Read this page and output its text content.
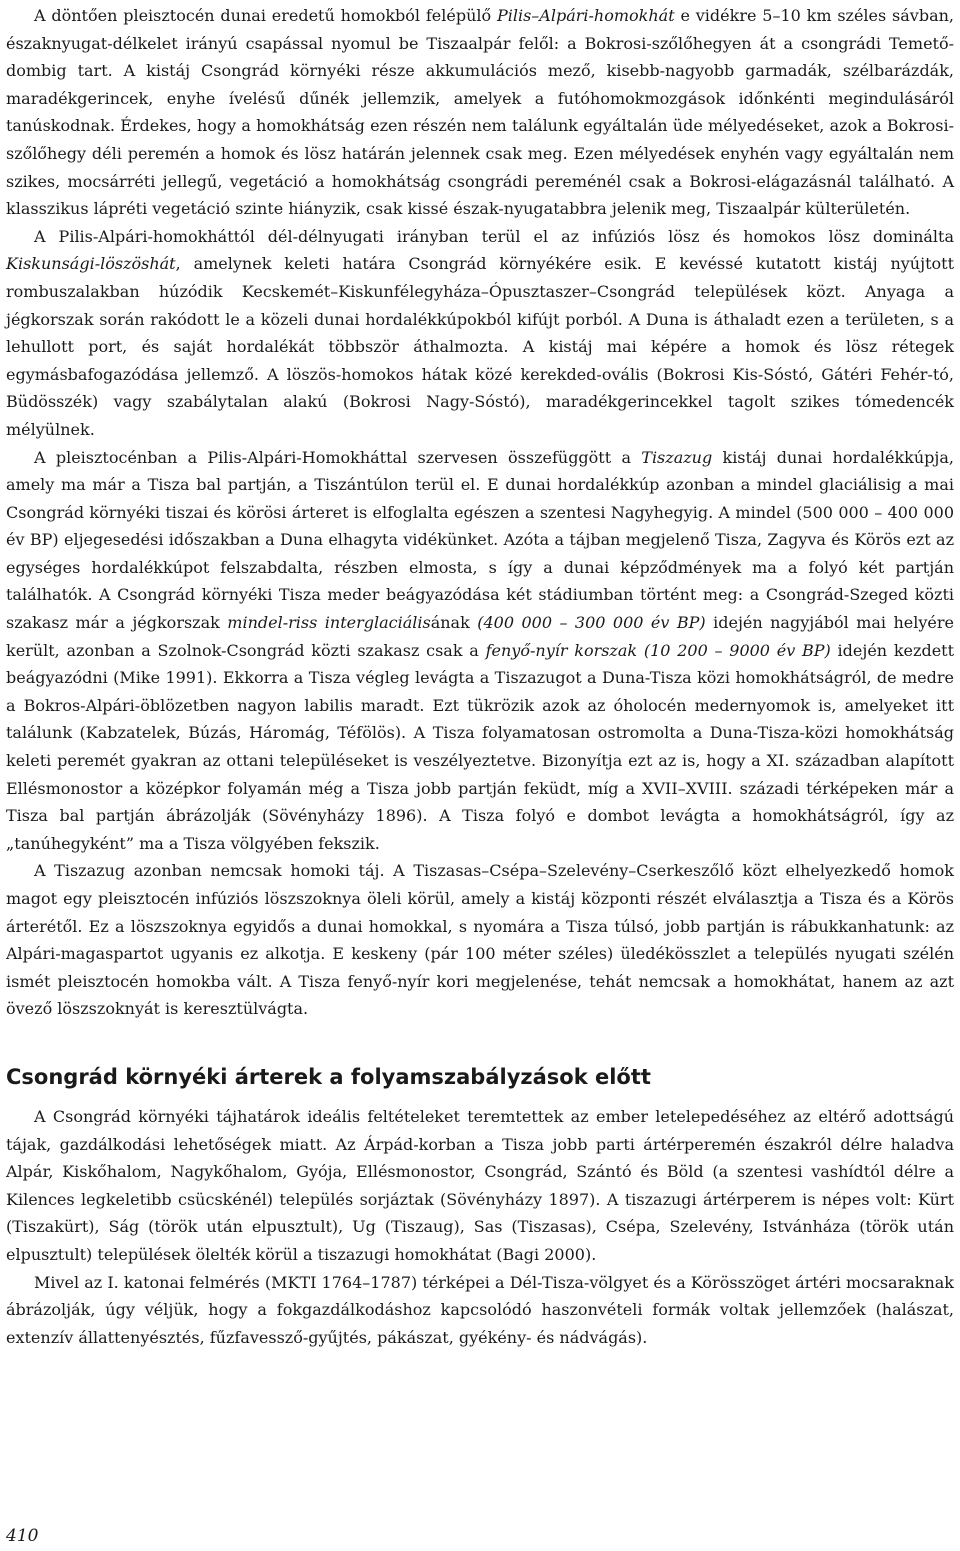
A döntően pleisztocén dunai eredetű homokból felépülő Pilis–Alpári-homokhát e vidékre 5–10 km széles sávban, északnyugat-délkelet irányú csapással nyomul be Tiszaalpár felől: a Bokrosi-szőlőhegyen át a csongrádi Temető-dombig tart. A kistáj Csongrád környéki része akkumulációs mező, kisebb-nagyobb garmadák, szélbarázdák, maradékgerincek, enyhe ívelésű dűnék jellemzik, amelyek a futóhomokmozgások időnkénti megindulásáról tanúskodnak. Érdekes, hogy a homokhátság ezen részén nem találunk egyáltalán üde mélyedéseket, azok a Bokrosi-szőlőhegy déli peremén a homok és lösz határán jelennek csak meg. Ezen mélyedések enyhén vagy egyáltalán nem szikes, mocsárréti jellegű, vegetáció a homokhátság csongrádi pereménél csak a Bokrosi-elágazásnál található. A klasszikus lápréti vegetáció szinte hiányzik, csak kissé észak-nyugatabbra jelenik meg, Tiszaalpár külterületén.

A Pilis-Alpári-homokháttól dél-délnyugati irányban terül el az infúziós lösz és homokos lösz dominálta Kiskunsági-löszöshát, amelynek keleti határa Csongrád környékére esik. E kevéssé kutatott kistáj nyújtott rombuszalakban húzódik Kecskemét–Kiskunfélegyháza–Ópusztaszer–Csongrád települések közt. Anyaga a jégkorszak során rakódott le a közeli dunai hordalékkúpokból kifújt porból. A Duna is áthaladt ezen a területen, s a lehullott port, és saját hordalékát többször áthalmozta. A kistáj mai képére a homok és lösz rétegek egymásbafogazódása jellemző. A löszös-homokos hátak közé kerekded-ovális (Bokrosi Kis-Sóstó, Gátéri Fehér-tó, Büdösszék) vagy szabálytalan alakú (Bokrosi Nagy-Sóstó), maradékgerincekkel tagolt szikes tómedencék mélyülnek.

A pleisztocénban a Pilis-Alpári-Homokháttal szervesen összefüggött a Tiszazug kistáj dunai hordalékkúpja, amely ma már a Tisza bal partján, a Tiszántúlon terül el. E dunai hordalékkúp azonban a mindel glaciálisig a mai Csongrád környéki tiszai és körösi árteret is elfoglalta egészen a szentesi Nagyhegyig. A mindel (500 000 – 400 000 év BP) eljegesedési időszakban a Duna elhagyta vidékünket. Azóta a tájban megjelenő Tisza, Zagyva és Körös ezt az egységes hordalékkúpot felszabdalta, részben elmosta, s így a dunai képződmények ma a folyó két partján találhatók. A Csongrád környéki Tisza meder beágyazódása két stádiumban történt meg: a Csongrád-Szeged közti szakasz már a jégkorszak mindel-riss interglaciálisának (400 000 – 300 000 év BP) idején nagyjából mai helyére került, azonban a Szolnok-Csongrád közti szakasz csak a fenyő-nyír korszak (10 200 – 9000 év BP) idején kezdett beágyazódni (Mike 1991). Ekkorra a Tisza végleg levágta a Tiszazugot a Duna-Tisza közi homokhátságról, de medre a Bokros-Alpári-öblözetben nagyon labilis maradt. Ezt tükrözik azok az óholocén medernyomok is, amelyeket itt találunk (Kabzatelek, Búzás, Háromág, Téfölös). A Tisza folyamatosan ostromolta a Duna-Tisza-közi homokhátság keleti peremét gyakran az ottani településeket is veszélyeztetve. Bizonyítja ezt az is, hogy a XI. században alapított Ellésmonostor a középkor folyamán még a Tisza jobb partján feküdt, míg a XVII–XVIII. századi térképeken már a Tisza bal partján ábrázolják (Sövényházy 1896). A Tisza folyó e dombot levágta a homokhátságról, így az „tanúhegyként” ma a Tisza völgyében fekszik.

A Tiszazug azonban nemcsak homoki táj. A Tiszasas–Csépa–Szelevény–Cserkeszőlő közt elhelyezkedő homok magot egy pleisztocén infúziós löszszoknya öleli körül, amely a kistáj központi részét elválasztja a Tisza és a Körös árterétől. Ez a löszszoknya egyidős a dunai homokkal, s nyomára a Tisza túlsó, jobb partján is rábukkanhatunk: az Alpári-magaspartot ugyanis ez alkotja. E keskeny (pár 100 méter széles) üledékösszlet a település nyugati szélén ismét pleisztocén homokba vált. A Tisza fenyő-nyír kori megjelenése, tehát nemcsak a homokhátat, hanem az azt övező löszszoknyát is keresztülvágta.

Csongrád környéki árterek a folyamszabályzások előtt

A Csongrád környéki tájhatárok ideális feltételeket teremtettek az ember letelepedéséhez az eltérő adottságú tájak, gazdálkodási lehetőségek miatt. Az Árpád-korban a Tisza jobb parti ártérperemén északról délre haladva Alpár, Kiskőhalom, Nagykőhalom, Gyója, Ellésmonostor, Csongrád, Szántó és Böld (a szentesi vashídtól délre a Kilences legkeletibb csücskénél) település sorjáztak (Sövényházy 1897). A tiszazugi ártérperem is népes volt: Kürt (Tiszakürt), Ság (török után elpusztult), Ug (Tiszaug), Sas (Tiszasas), Csépa, Szelevény, Istvánháza (török után elpusztult) települések ölelték körül a tiszazugi homokhátat (Bagi 2000).

Mivel az I. katonai felmérés (MKTI 1764–1787) térképei a Dél-Tisza-völgyet és a Körösszöget ártéri mocsaraknak ábrázolják, úgy véljük, hogy a fokgazdálkodáshoz kapcsolódó haszonvételi formák voltak jellemzőek (halászat, extenzív állattenyésztés, fűzfavessző-gyűjtés, pákászat, gyékény- és nádvágás).

410
